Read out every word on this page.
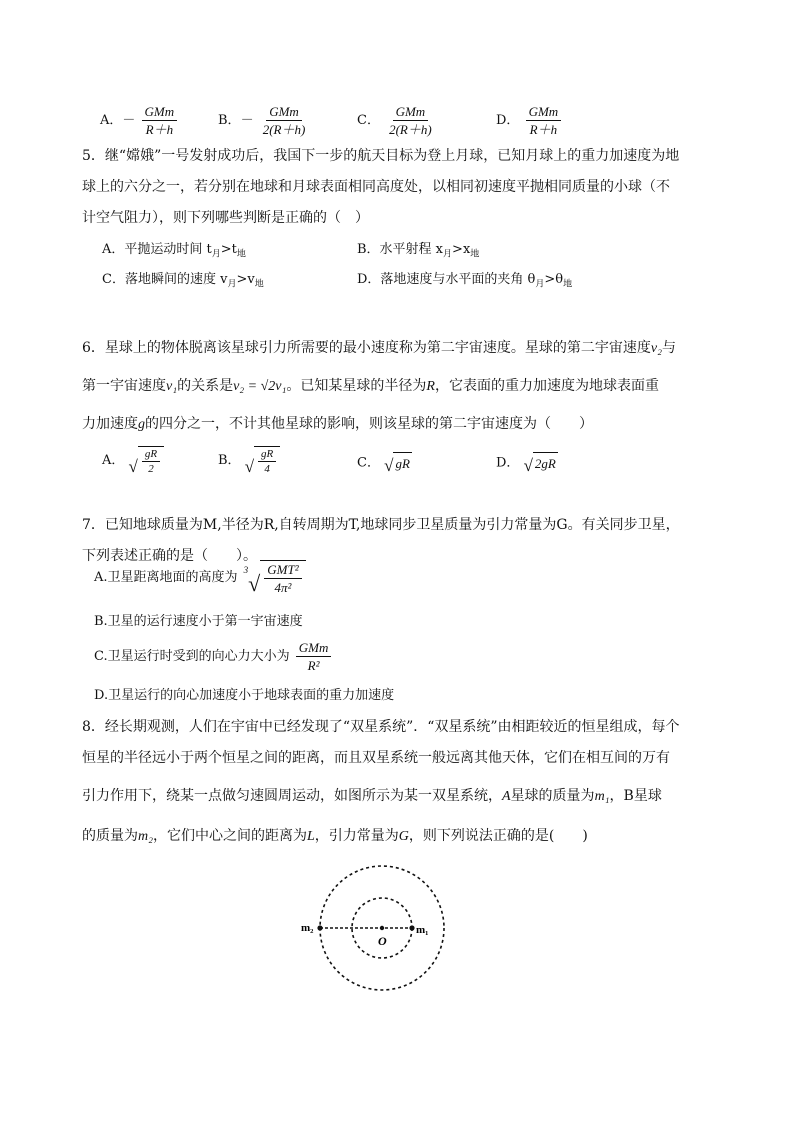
A．－ $\frac{\text{GMm}}{R+h}$	B．－ $\frac{\text{GMm}}{2(R+h)}$	C． $\frac{\text{GMm}}{2(R+h)}$	D． $\frac{\text{GMm}}{R+h}$
5．继“嫦娥”一号发射成功后，我国下一步的航天目标为登上月球，已知月球上的重力加速度为地
球上的六分之一，若分别在地球和月球表面相同高度处，以相同初速度平抛相同质量的小球（不
计空气阻力），则下列哪些判断是正确的（　）
A．平抛运动时间 $t_月>t_地$	B．水平射程 $x_月>x_地$
C．落地瞬间的速度 $v_月>v_地$	D．落地速度与水平面的夹角 $\theta_月>\theta_地$
6．星球上的物体脱离该星球引力所需要的最小速度称为第二宇宙速度。星球的第二宇宙速度v₂与
第一宇宙速度v₁的关系是v₂ = √2v₁。已知某星球的半径为R，它表面的重力加速度为地球表面重
力加速度g的四分之一，不计其他星球的影响，则该星球的第二宇宙速度为（　　）
A． √ $\frac{gR}{2}$	B． √ $\frac{gR}{4}$	C． √ gR	D． √ 2gR
7．已知地球质量为M,半径为R,自转周期为T,地球同步卫星质量为引力常量为G。有关同步卫星，
下列表述正确的是（　　）。
A.卫星距离地面的高度为 3
√ $\frac{\text{GMT²}}{\text{4π²}}$
B.卫星的运行速度小于第一宇宙速度
C.卫星运行时受到的向心力大小为 $\frac{\text{GMm}}{\text{R²}}$
D.卫星运行的向心加速度小于地球表面的重力加速度
8．经长期观测，人们在宇宙中已经发现了“双星系统”．“双星系统”由相距较近的恒星组成，每个
恒星的半径远小于两个恒星之间的距离，而且双星系统一般远离其他天体，它们在相互间的万有
引力作用下，绕某一点做匀速圆周运动，如图所示为某一双星系统，A星球的质量为m₁，B星球
的质量为m₂，它们中心之间的距离为L，引力常量为G，则下列说法正确的是(　　)
m₂	m₁
O
